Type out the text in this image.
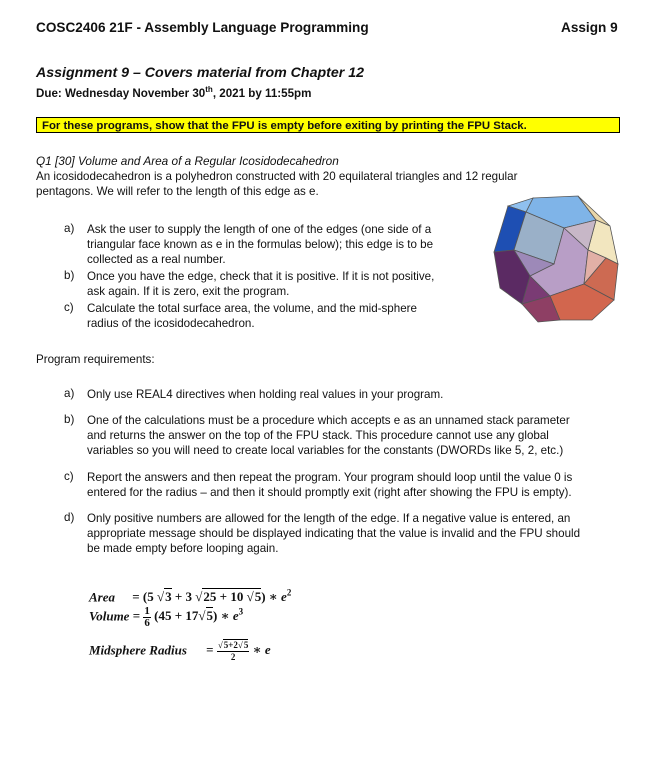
COSC2406 21F - Assembly Language Programming	Assign 9
Assignment 9 – Covers material from Chapter 12
Due: Wednesday November 30th, 2021 by 11:55pm
For these programs, show that the FPU is empty before exiting by printing the FPU Stack.
Q1 [30] Volume and Area of a Regular Icosidodecahedron
An icosidodecahedron is a polyhedron constructed with 20 equilateral triangles and 12 regular
pentagons. We will refer to the length of this edge as e.
a) Ask the user to supply the length of one of the edges (one side of a
triangular face known as e in the formulas below); this edge is to be
collected as a real number.
b) Once you have the edge, check that it is positive. If it is not positive,
ask again. If it is zero, exit the program.
c) Calculate the total surface area, the volume, and the mid-sphere
radius of the icosidodecahedron.
Program requirements:
a) Only use REAL4 directives when holding real values in your program.
b) One of the calculations must be a procedure which accepts e as an unnamed stack parameter
and returns the answer on the top of the FPU stack. This procedure cannot use any global
variables so you will need to create local variables for the constants (DWORDs like 5, 2, etc.)
c) Report the answers and then repeat the program. Your program should loop until the value 0 is
entered for the radius – and then it should promptly exit (right after showing the FPU is empty).
d) Only positive numbers are allowed for the length of the edge. If a negative value is entered, an
appropriate message should be displayed indicating that the value is invalid and the FPU should
be made empty before looping again.
Area = (5 √3 + 3 √25 + 10 √5) ∗ $e^2$
Volume = $\frac{1}{6} (45 + 17√5)$ ∗ $e^3$
Midsphere Radius = $\frac{√5+2√5}{2}$ ∗ e
